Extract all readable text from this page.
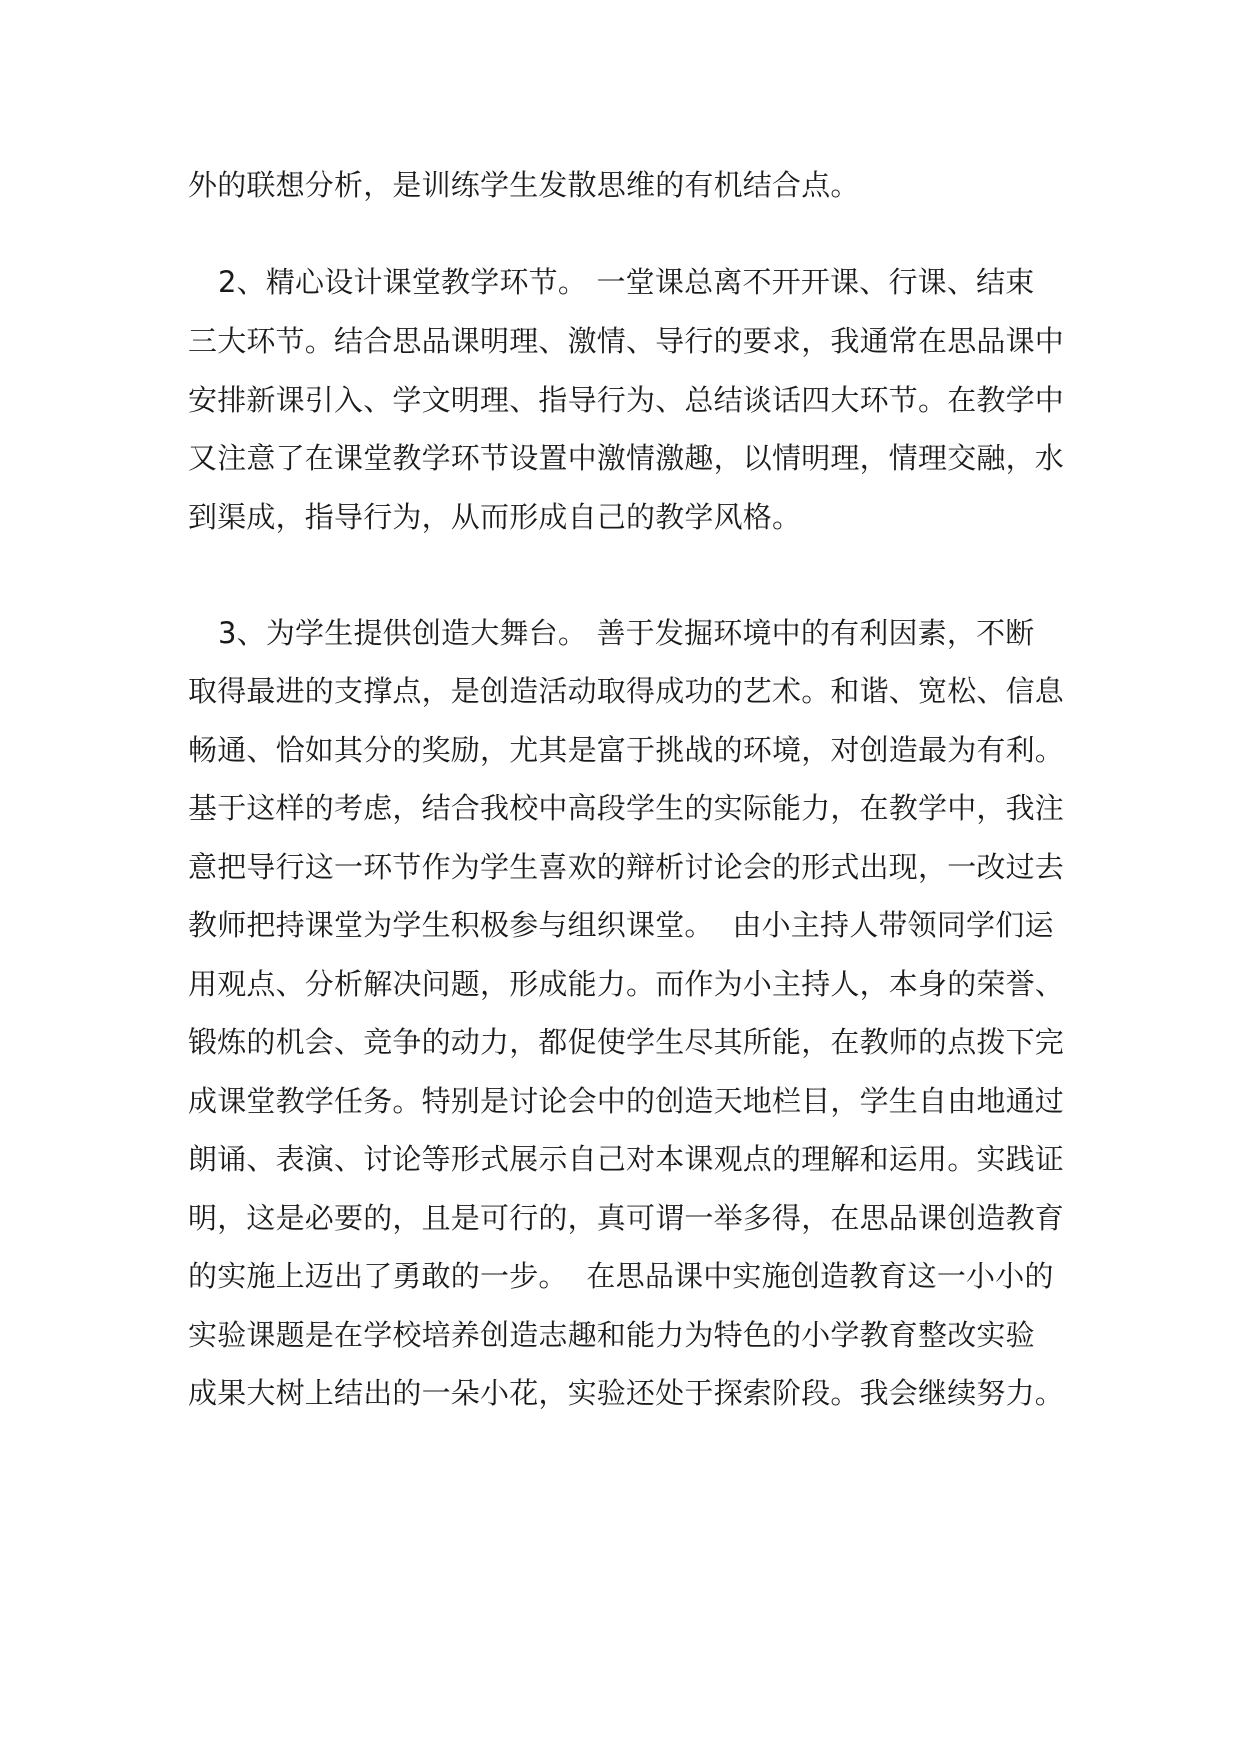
外的联想分析，是训练学生发散思维的有机结合点。
2、精心设计课堂教学环节。 一堂课总离不开开课、行课、结束
三大环节。结合思品课明理、激情、导行的要求，我通常在思品课中
安排新课引入、学文明理、指导行为、总结谈话四大环节。在教学中
又注意了在课堂教学环节设置中激情激趣，以情明理，情理交融，水
到渠成，指导行为，从而形成自己的教学风格。
3、为学生提供创造大舞台。 善于发掘环境中的有利因素，不断
取得最进的支撑点，是创造活动取得成功的艺术。和谐、宽松、信息
畅通、恰如其分的奖励，尤其是富于挑战的环境，对创造最为有利。
基于这样的考虑，结合我校中高段学生的实际能力，在教学中，我注
意把导行这一环节作为学生喜欢的辩析讨论会的形式出现，一改过去
教师把持课堂为学生积极参与组织课堂。  由小主持人带领同学们运
用观点、分析解决问题，形成能力。而作为小主持人，本身的荣誉、
锻炼的机会、竞争的动力，都促使学生尽其所能，在教师的点拨下完
成课堂教学任务。特别是讨论会中的创造天地栏目，学生自由地通过
朗诵、表演、讨论等形式展示自己对本课观点的理解和运用。实践证
明，这是必要的，且是可行的，真可谓一举多得，在思品课创造教育
的实施上迈出了勇敢的一步。  在思品课中实施创造教育这一小小的
实验课题是在学校培养创造志趣和能力为特色的小学教育整改实验
成果大树上结出的一朵小花，实验还处于探索阶段。我会继续努力。
